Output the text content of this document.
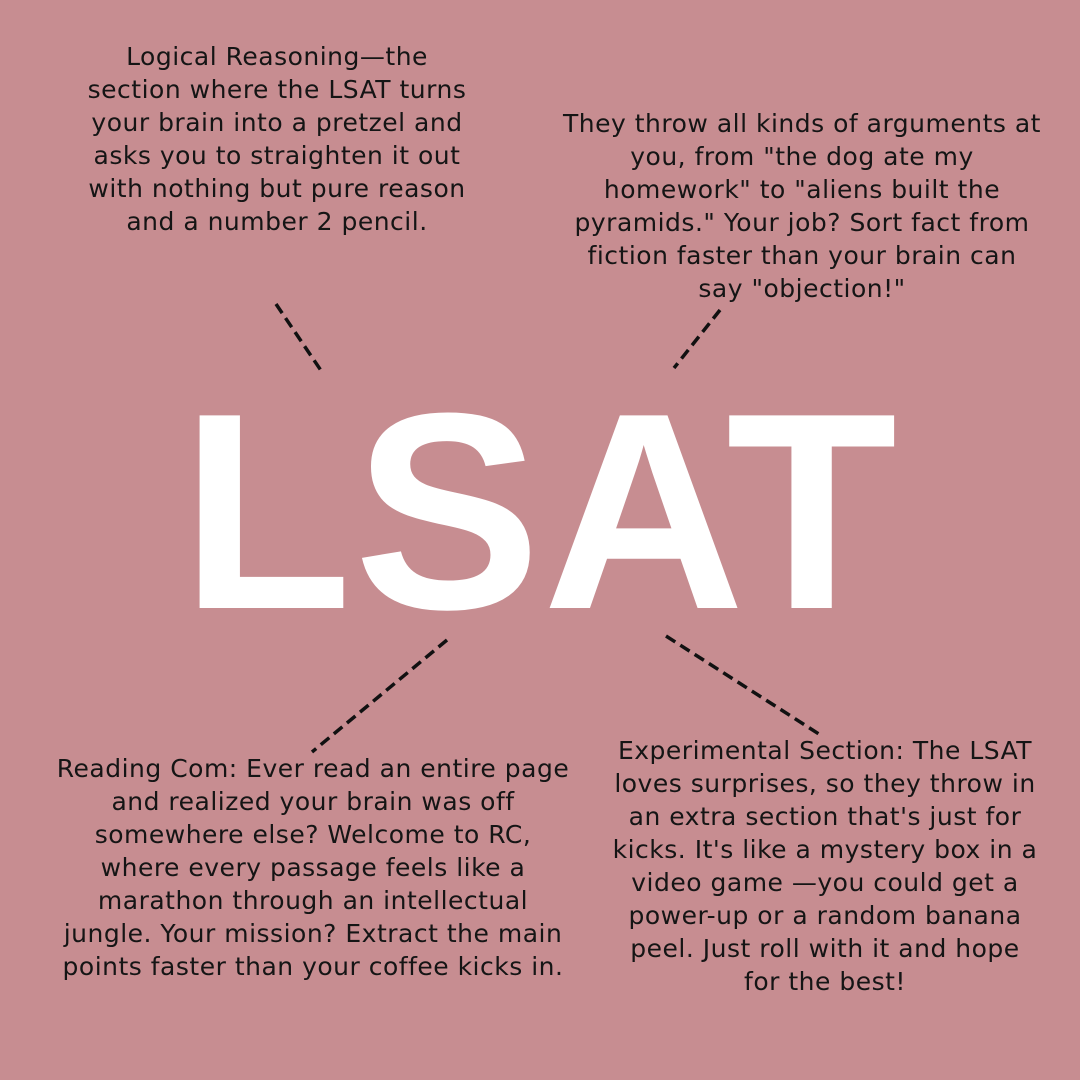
Logical Reasoning—the section where the LSAT turns your brain into a pretzel and asks you to straighten it out with nothing but pure reason and a number 2 pencil.

They throw all kinds of arguments at you, from "the dog ate my homework" to "aliens built the pyramids." Your job? Sort fact from fiction faster than your brain can say "objection!"

LSAT

Reading Com: Ever read an entire page and realized your brain was off somewhere else? Welcome to RC, where every passage feels like a marathon through an intellectual jungle. Your mission? Extract the main points faster than your coffee kicks in.

Experimental Section: The LSAT loves surprises, so they throw in an extra section that's just for kicks. It's like a mystery box in a video game —you could get a power-up or a random banana peel. Just roll with it and hope for the best!
